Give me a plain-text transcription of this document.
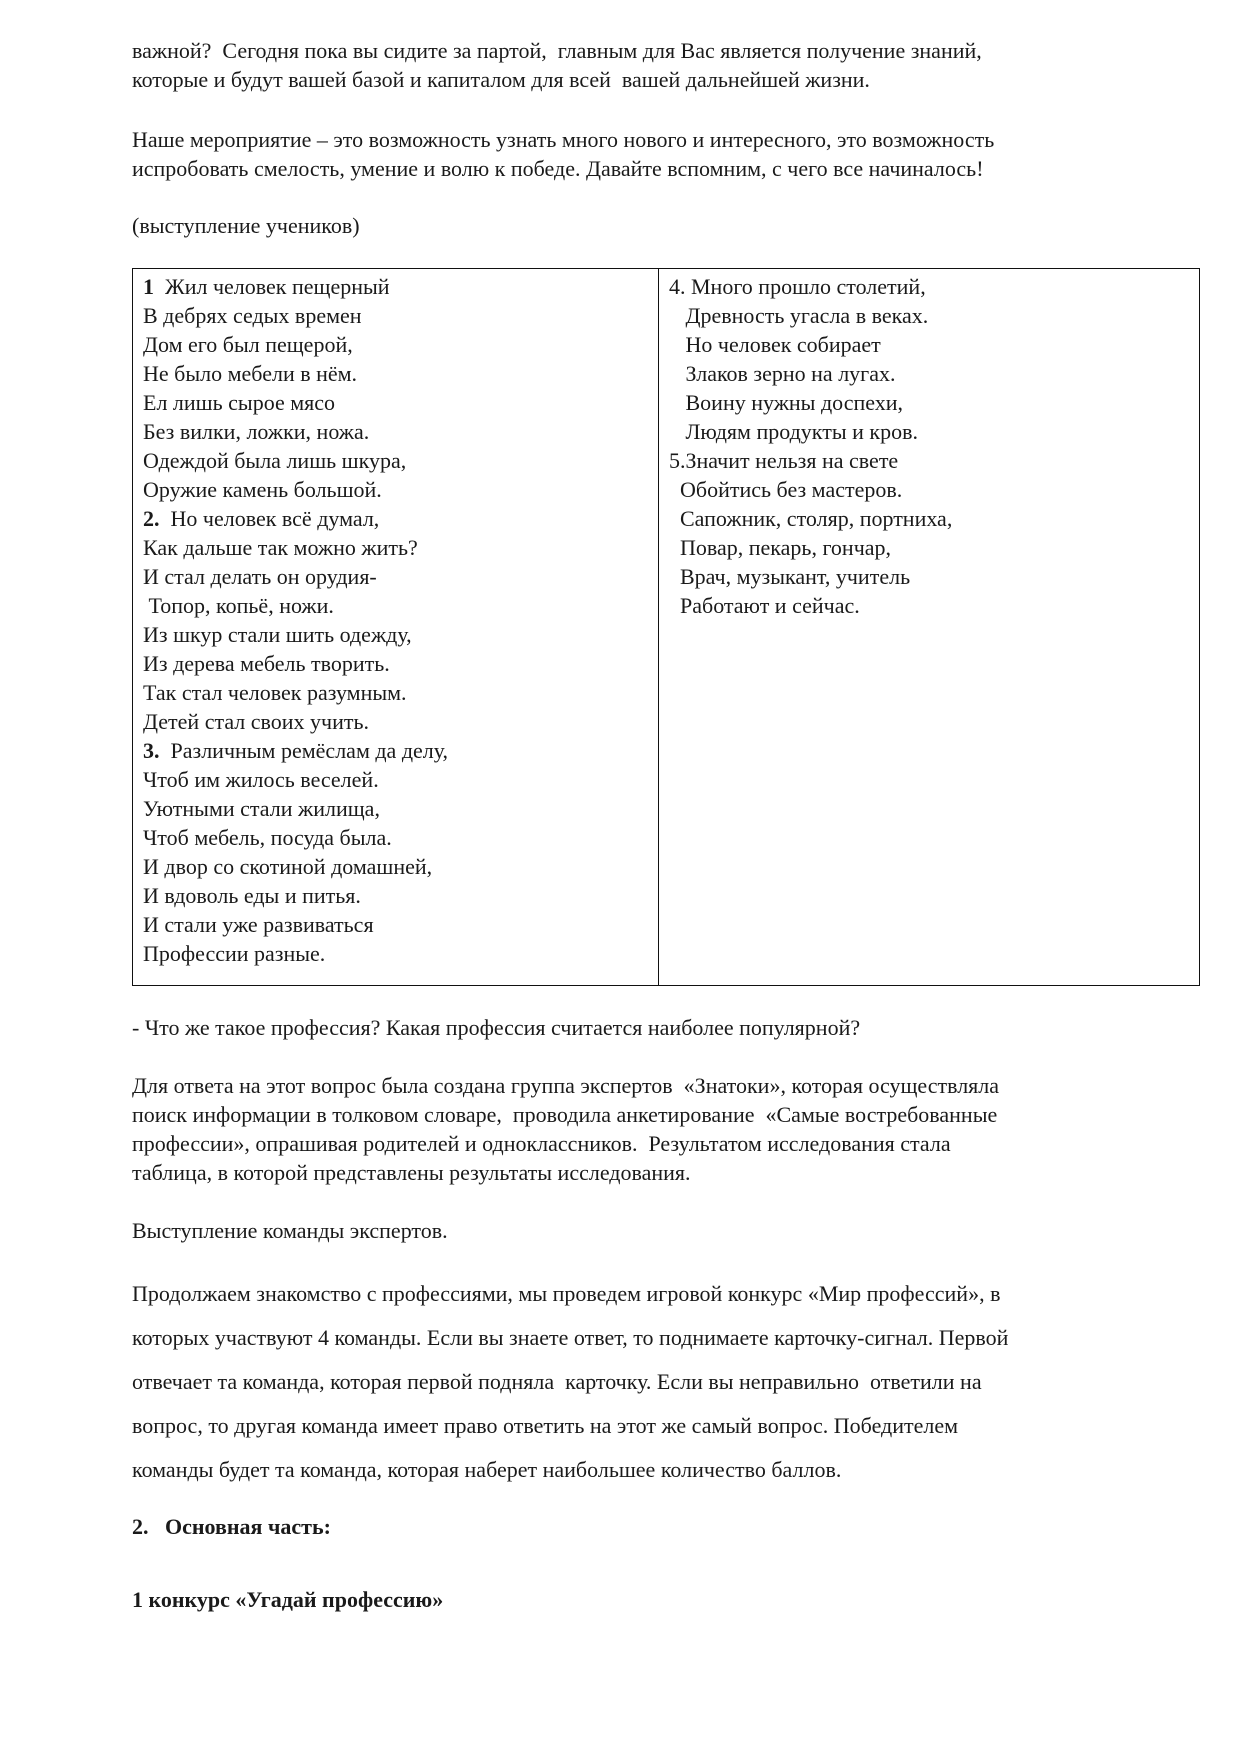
важной?  Сегодня пока вы сидите за партой,  главным для Вас является получение знаний,
которые и будут вашей базой и капиталом для всей  вашей дальнейшей жизни.
Наше мероприятие – это возможность узнать много нового и интересного, это возможность
испробовать смелость, умение и волю к победе. Давайте вспомним, с чего все начиналось!
(выступление учеников)
1  Жил человек пещерный
В дебрях седых времен
Дом его был пещерой,
Не было мебели в нём.
Ел лишь сырое мясо
Без вилки, ложки, ножа.
Одеждой была лишь шкура,
Оружие камень большой.
2.  Но человек всё думал,
Как дальше так можно жить?
И стал делать он орудия-
Топор, копьё, ножи.
Из шкур стали шить одежду,
Из дерева мебель творить.
Так стал человек разумным.
Детей стал своих учить.
3.  Различным ремёслам да делу,
Чтоб им жилось веселей.
Уютными стали жилища,
Чтоб мебель, посуда была.
И двор со скотиной домашней,
И вдоволь еды и питья.
И стали уже развиваться
Профессии разные.
4. Много прошло столетий,
Древность угасла в веках.
Но человек собирает
Злаков зерно на лугах.
Воину нужны доспехи,
Людям продукты и кров.
5.Значит нельзя на свете
Обойтись без мастеров.
Сапожник, столяр, портниха,
Повар, пекарь, гончар,
Врач, музыкант, учитель
Работают и сейчас.
- Что же такое профессия? Какая профессия считается наиболее популярной?
Для ответа на этот вопрос была создана группа экспертов  «Знатоки», которая осуществляла
поиск информации в толковом словаре,  проводила анкетирование  «Самые востребованные
профессии», опрашивая родителей и одноклассников.  Результатом исследования стала
таблица, в которой представлены результаты исследования.
Выступление команды экспертов.
Продолжаем знакомство с профессиями, мы проведем игровой конкурс «Мир профессий», в
которых участвуют 4 команды. Если вы знаете ответ, то поднимаете карточку-сигнал. Первой
отвечает та команда, которая первой подняла  карточку. Если вы неправильно  ответили на
вопрос, то другая команда имеет право ответить на этот же самый вопрос. Победителем
команды будет та команда, которая наберет наибольшее количество баллов.
2.   Основная часть:
1 конкурс «Угадай профессию»
